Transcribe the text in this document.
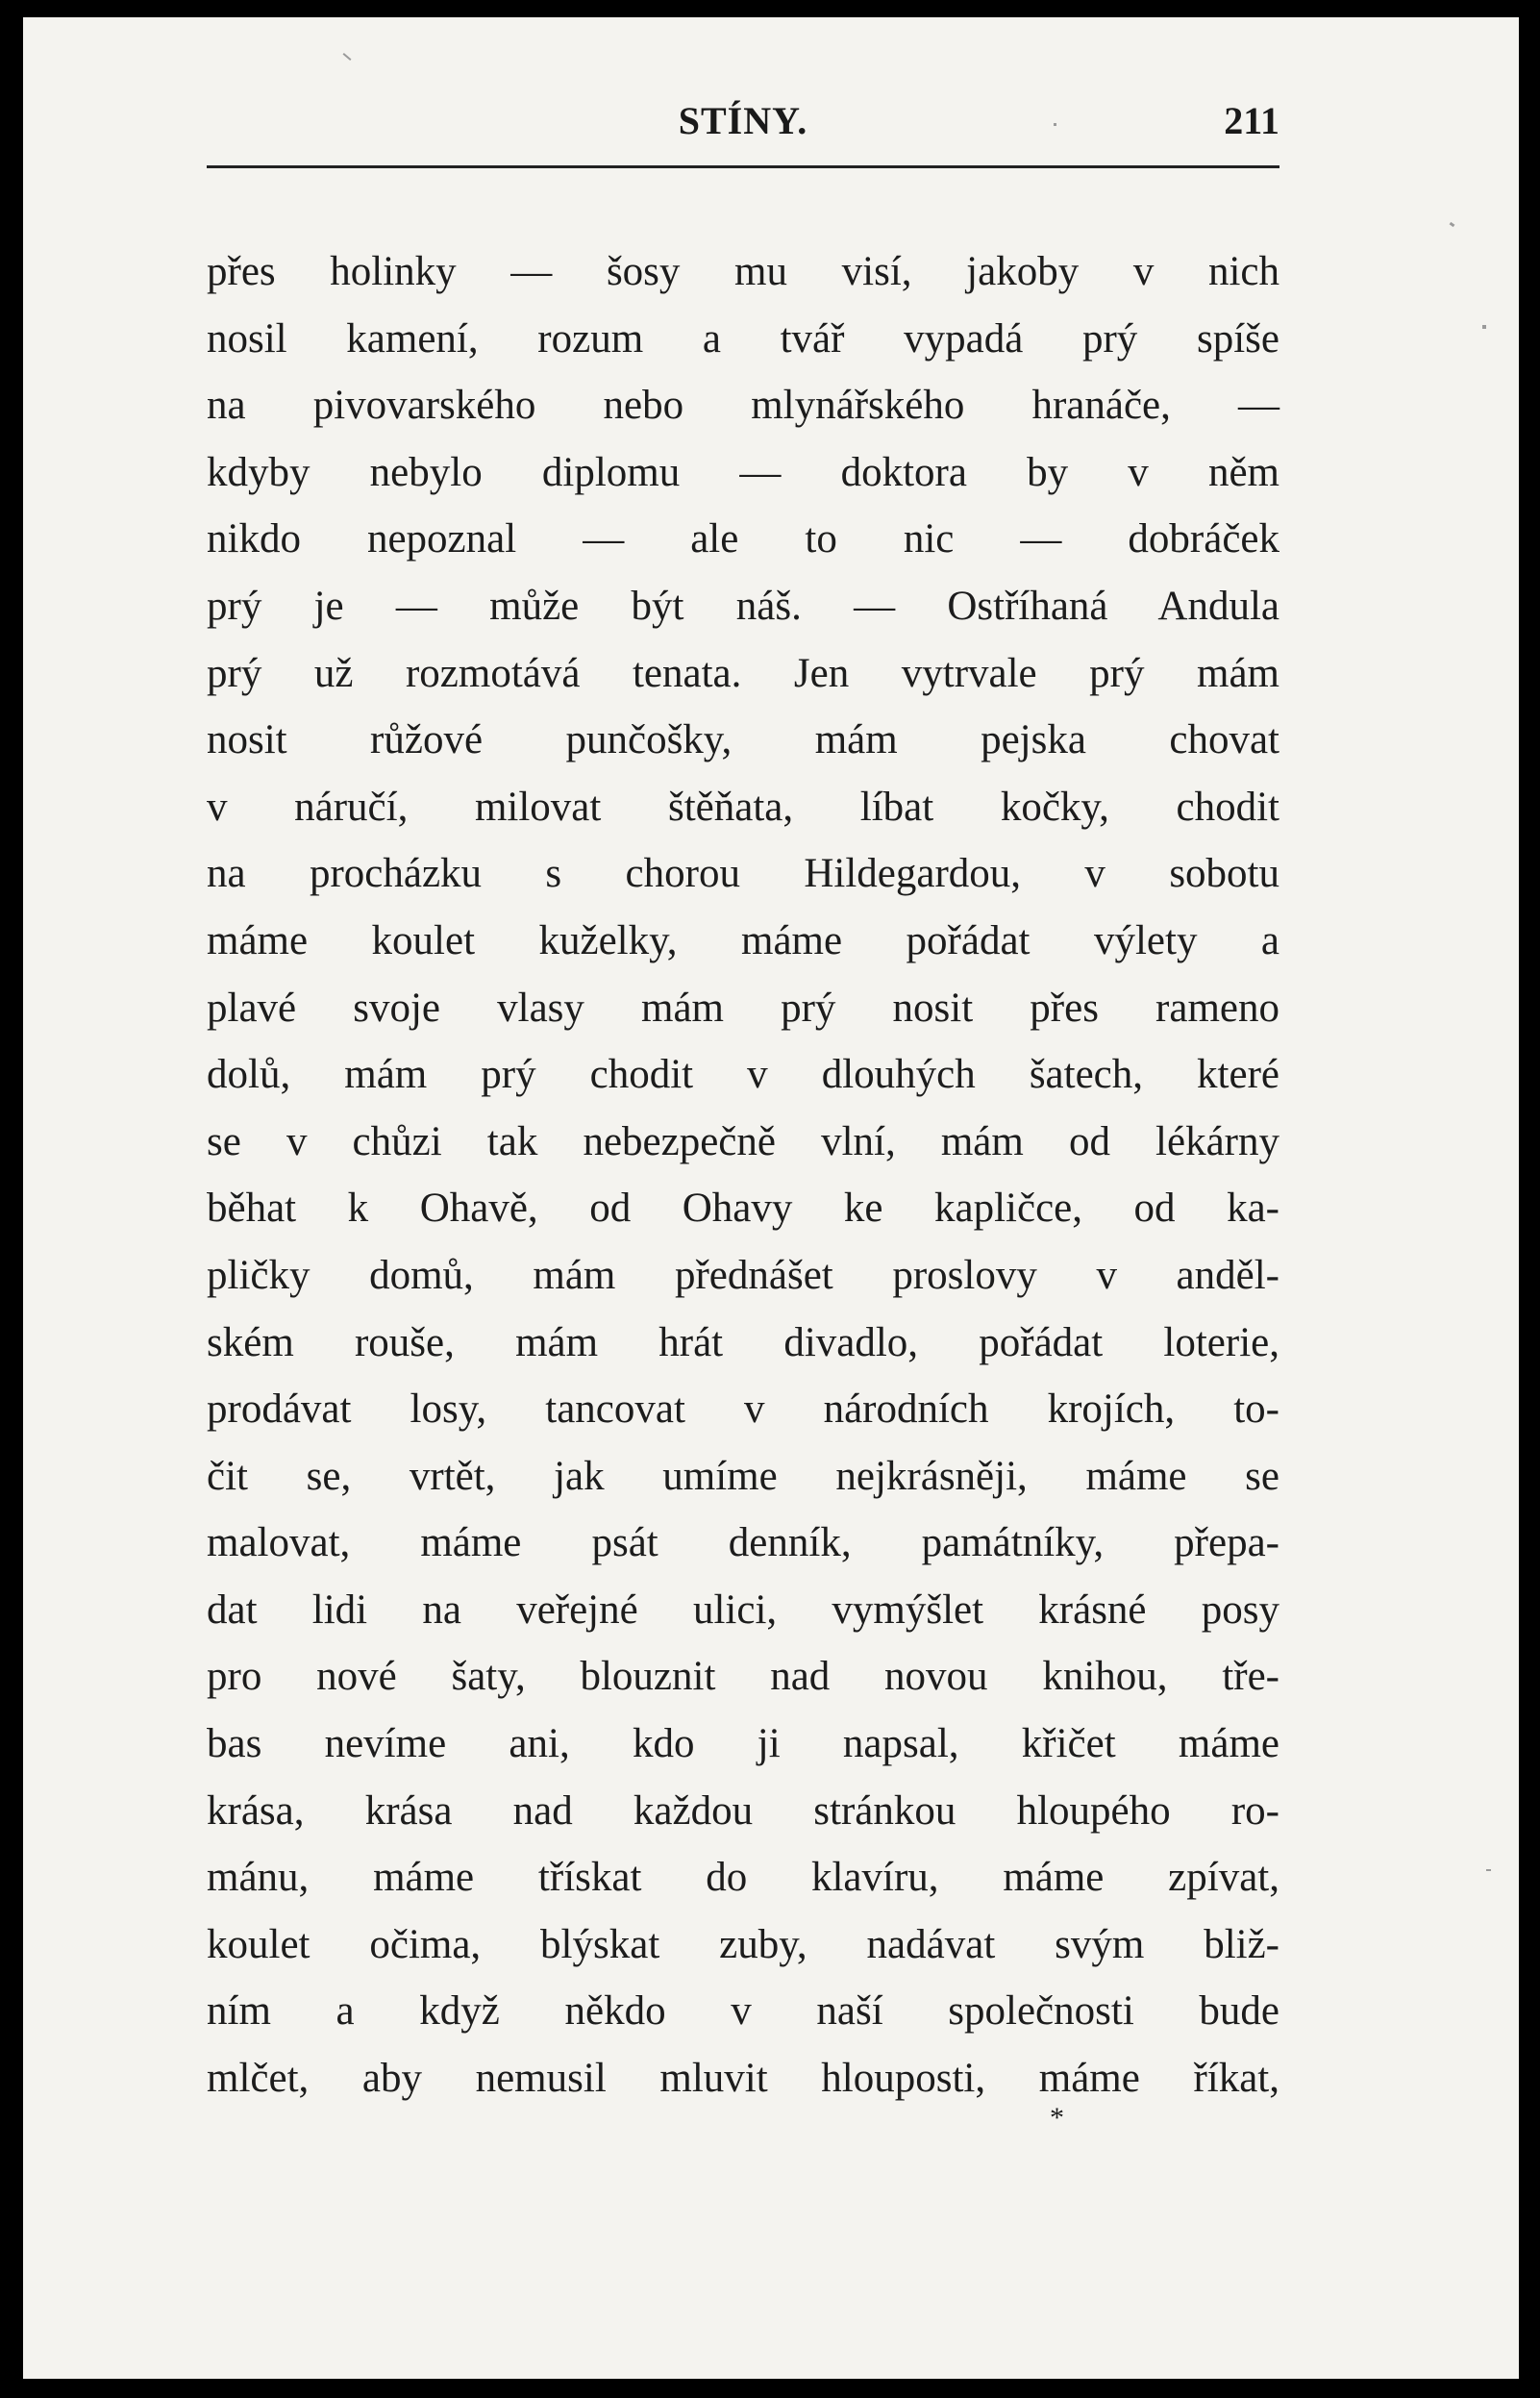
STÍNY.	211
přes holinky — šosy mu visí, jakoby v nich
nosil kamení, rozum a tvář vypadá prý spíše
na pivovarského nebo mlynářského hranáče, —
kdyby nebylo diplomu — doktora by v něm
nikdo nepoznal — ale to nic — dobráček
prý je — může být náš. — Ostříhaná Andula
prý už rozmotává tenata. Jen vytrvale prý mám
nosit růžové punčošky, mám pejska chovat
v náručí, milovat štěňata, líbat kočky, chodit
na procházku s chorou Hildegardou, v sobotu
máme koulet kuželky, máme pořádat výlety a
plavé svoje vlasy mám prý nosit přes rameno
dolů, mám prý chodit v dlouhých šatech, které
se v chůzi tak nebezpečně vlní, mám od lékárny
běhat k Ohavě, od Ohavy ke kapličce, od ka-
pličky domů, mám přednášet proslovy v anděl-
ském rouše, mám hrát divadlo, pořádat loterie,
prodávat losy, tancovat v národních krojích, to-
čit se, vrtět, jak umíme nejkrásněji, máme se
malovat, máme psát denník, památníky, přepa-
dat lidi na veřejné ulici, vymýšlet krásné posy
pro nové šaty, blouznit nad novou knihou, tře-
bas nevíme ani, kdo ji napsal, křičet máme
krása, krása nad každou stránkou hloupého ro-
mánu, máme třískat do klavíru, máme zpívat,
koulet očima, blýskat zuby, nadávat svým bliž-
ním a když někdo v naší společnosti bude
mlčet, aby nemusil mluvit hlouposti, máme říkat,
*
